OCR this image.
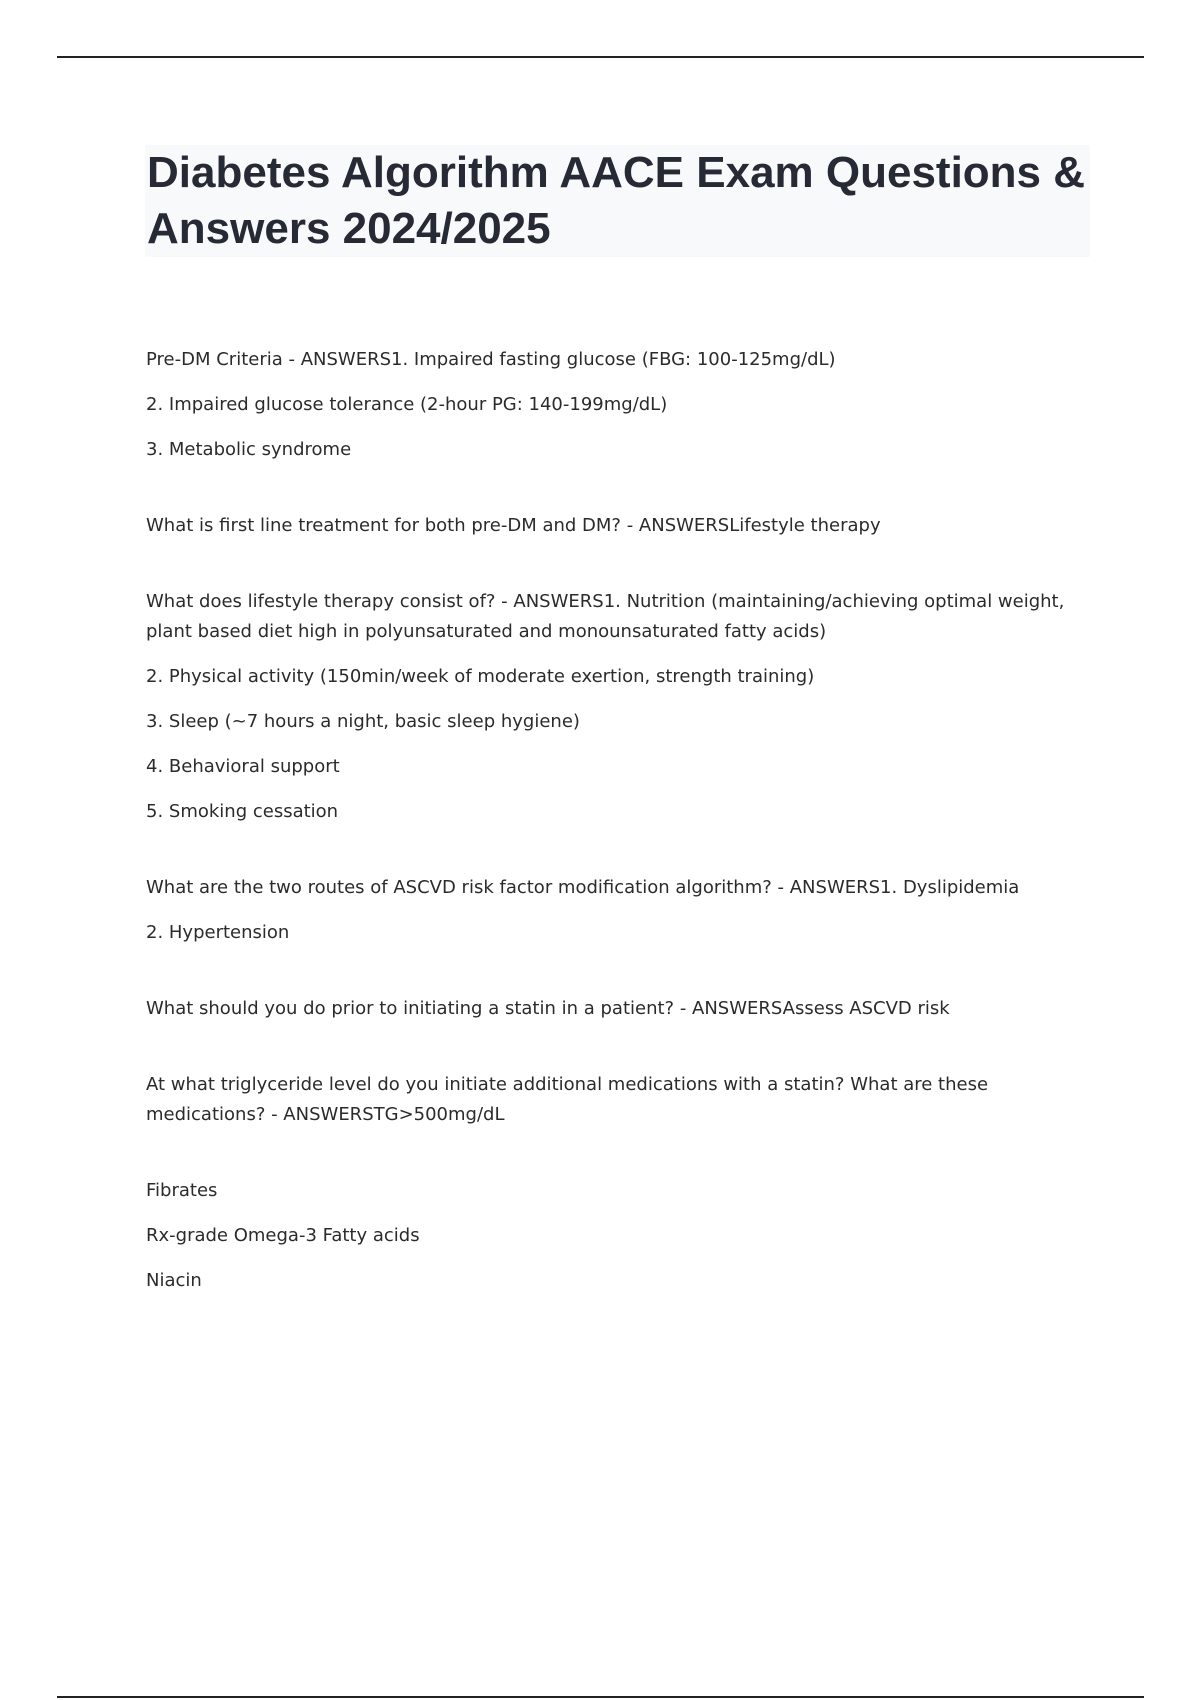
Diabetes Algorithm AACE Exam Questions & Answers 2024/2025

Pre-DM Criteria - ANSWERS1. Impaired fasting glucose (FBG: 100-125mg/dL)

2. Impaired glucose tolerance (2-hour PG: 140-199mg/dL)

3. Metabolic syndrome

What is first line treatment for both pre-DM and DM? - ANSWERSLifestyle therapy

What does lifestyle therapy consist of? - ANSWERS1. Nutrition (maintaining/achieving optimal weight, plant based diet high in polyunsaturated and monounsaturated fatty acids)

2. Physical activity (150min/week of moderate exertion, strength training)

3. Sleep (~7 hours a night, basic sleep hygiene)

4. Behavioral support

5. Smoking cessation

What are the two routes of ASCVD risk factor modification algorithm? - ANSWERS1. Dyslipidemia

2. Hypertension

What should you do prior to initiating a statin in a patient? - ANSWERSAssess ASCVD risk

At what triglyceride level do you initiate additional medications with a statin? What are these medications? - ANSWERSTG>500mg/dL

Fibrates

Rx-grade Omega-3 Fatty acids

Niacin
